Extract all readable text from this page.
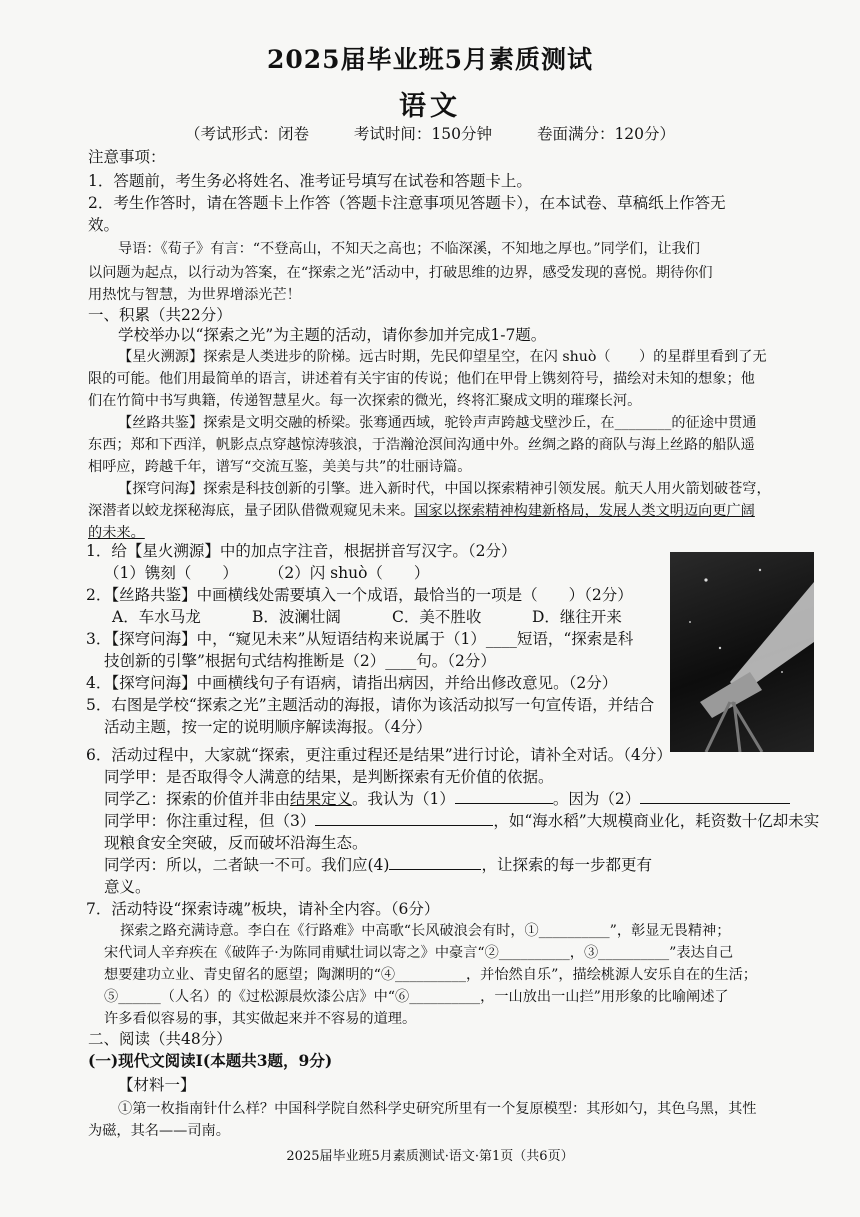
2025届毕业班5月素质测试
语文
（考试形式：闭卷	考试时间：150分钟	卷面满分：120分）
注意事项：
1．答题前，考生务必将姓名、准考证号填写在试卷和答题卡上。
2．考生作答时，请在答题卡上作答（答题卡注意事项见答题卡），在本试卷、草稿纸上作答无
效。
导语：《荀子》有言：“不登高山，不知天之高也；不临深溪，不知地之厚也。”同学们，让我们
以问题为起点，以行动为答案，在“探索之光”活动中，打破思维的边界，感受发现的喜悦。期待你们
用热忱与智慧，为世界增添光芒！
一、积累（共22分）
学校举办以“探索之光”为主题的活动，请你参加并完成1-7题。
【星火溯源】探索是人类进步的阶梯。远古时期，先民仰望星空，在闪 shuò（　　）的星群里看到了无
限的可能。他们用最简单的语言，讲述着有关宇宙的传说；他们在甲骨上镌刻符号，描绘对未知的想象；他
们在竹简中书写典籍，传递智慧星火。每一次探索的微光，终将汇聚成文明的璀璨长河。
【丝路共鉴】探索是文明交融的桥梁。张骞通西域，驼铃声声跨越戈壁沙丘，在________的征途中贯通
东西；郑和下西洋，帆影点点穿越惊涛骇浪，于浩瀚沧溟间沟通中外。丝绸之路的商队与海上丝路的船队遥
相呼应，跨越千年，谱写“交流互鉴，美美与共”的壮丽诗篇。
【探穹问海】探索是科技创新的引擎。进入新时代，中国以探索精神引领发展。航天人用火箭划破苍穹，
深潜者以蛟龙探秘海底，量子团队借微观窥见未来。国家以探索精神构建新格局，发展人类文明迈向更广阔
的未来。
1．给【星火溯源】中的加点字注音，根据拼音写汉字。（2分）
（1）镌刻（　　）　　　（2）闪 shuò（　　）
2．【丝路共鉴】中画横线处需要填入一个成语，最恰当的一项是（　　）（2分）
A．车水马龙	B．波澜壮阔	C．美不胜收	D．继往开来
3．【探穹问海】中，“窥见未来”从短语结构来说属于（1）____短语，“探索是科
技创新的引擎”根据句式结构推断是（2）____句。（2分）
4．【探穹问海】中画横线句子有语病，请指出病因，并给出修改意见。（2分）
5．右图是学校“探索之光”主题活动的海报，请你为该活动拟写一句宣传语，并结合
活动主题，按一定的说明顺序解读海报。（4分）
6．活动过程中，大家就“探索，更注重过程还是结果”进行讨论，请补全对话。（4分）
同学甲：是否取得令人满意的结果，是判断探索有无价值的依据。
同学乙：探索的价值并非由结果定义。我认为（1）	。因为（2）
同学甲：你注重过程，但（3）	，如“海水稻”大规模商业化，耗资数十亿却未实
现粮食安全突破，反而破坏沿海生态。
同学丙：所以，二者缺一不可。我们应(4)	，让探索的每一步都更有
意义。
7．活动特设“探索诗魂”板块，请补全内容。（6分）
探索之路充满诗意。李白在《行路难》中高歌“长风破浪会有时，①__________”，彰显无畏精神；
宋代词人辛弃疾在《破阵子·为陈同甫赋壮词以寄之》中豪言“②__________，③__________”表达自己
想要建功立业、青史留名的愿望；陶渊明的“④__________，并怡然自乐”，描绘桃源人安乐自在的生活；
⑤______（人名）的《过松源晨炊漆公店》中“⑥__________，一山放出一山拦”用形象的比喻阐述了
许多看似容易的事，其实做起来并不容易的道理。
二、阅读（共48分）
(一)现代文阅读Ⅰ(本题共3题，9分)
【材料一】
①第一枚指南针什么样？中国科学院自然科学史研究所里有一个复原模型：其形如勺，其色乌黑，其性
为磁，其名——司南。
2025届毕业班5月素质测试·语文·第1页（共6页）
